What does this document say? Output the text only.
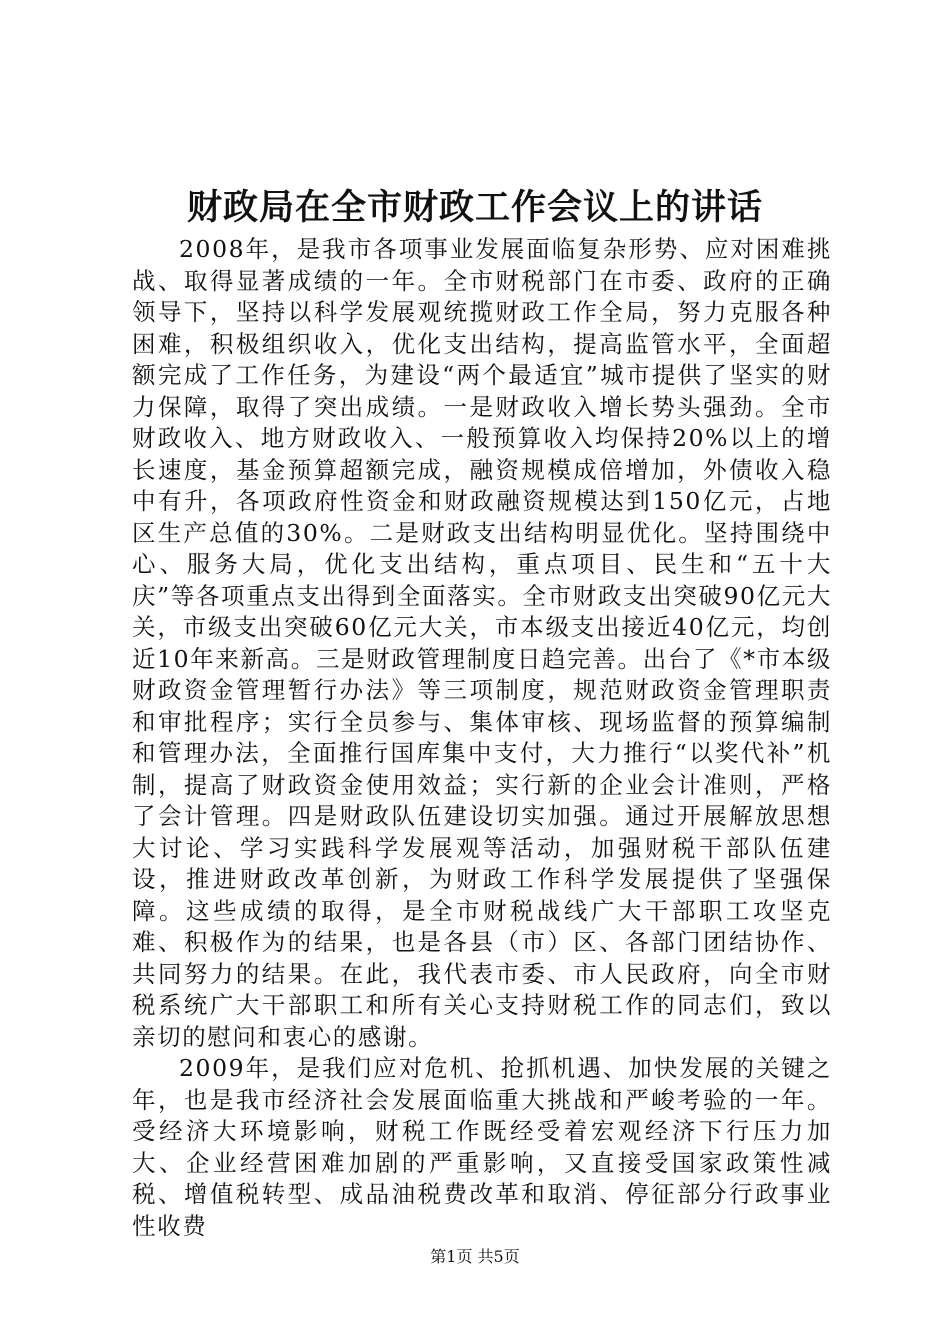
财政局在全市财政工作会议上的讲话

2008年，是我市各项事业发展面临复杂形势、应对困难挑战、取得显著成绩的一年。全市财税部门在市委、政府的正确领导下，坚持以科学发展观统揽财政工作全局，努力克服各种困难，积极组织收入，优化支出结构，提高监管水平，全面超额完成了工作任务，为建设“两个最适宜”城市提供了坚实的财力保障，取得了突出成绩。一是财政收入增长势头强劲。全市财政收入、地方财政收入、一般预算收入均保持20%以上的增长速度，基金预算超额完成，融资规模成倍增加，外债收入稳中有升，各项政府性资金和财政融资规模达到150亿元，占地区生产总值的30%。二是财政支出结构明显优化。坚持围绕中心、服务大局，优化支出结构，重点项目、民生和“五十大庆”等各项重点支出得到全面落实。全市财政支出突破90亿元大关，市级支出突破60亿元大关，市本级支出接近40亿元，均创近10年来新高。三是财政管理制度日趋完善。出台了《*市本级财政资金管理暂行办法》等三项制度，规范财政资金管理职责和审批程序；实行全员参与、集体审核、现场监督的预算编制和管理办法，全面推行国库集中支付，大力推行“以奖代补”机制，提高了财政资金使用效益；实行新的企业会计准则，严格了会计管理。四是财政队伍建设切实加强。通过开展解放思想大讨论、学习实践科学发展观等活动，加强财税干部队伍建设，推进财政改革创新，为财政工作科学发展提供了坚强保障。这些成绩的取得，是全市财税战线广大干部职工攻坚克难、积极作为的结果，也是各县（市）区、各部门团结协作、共同努力的结果。在此，我代表市委、市人民政府，向全市财税系统广大干部职工和所有关心支持财税工作的同志们，致以亲切的慰问和衷心的感谢。

2009年，是我们应对危机、抢抓机遇、加快发展的关键之年，也是我市经济社会发展面临重大挑战和严峻考验的一年。受经济大环境影响，财税工作既经受着宏观经济下行压力加大、企业经营困难加剧的严重影响，又直接受国家政策性减税、增值税转型、成品油税费改革和取消、停征部分行政事业性收费

第1页 共5页
